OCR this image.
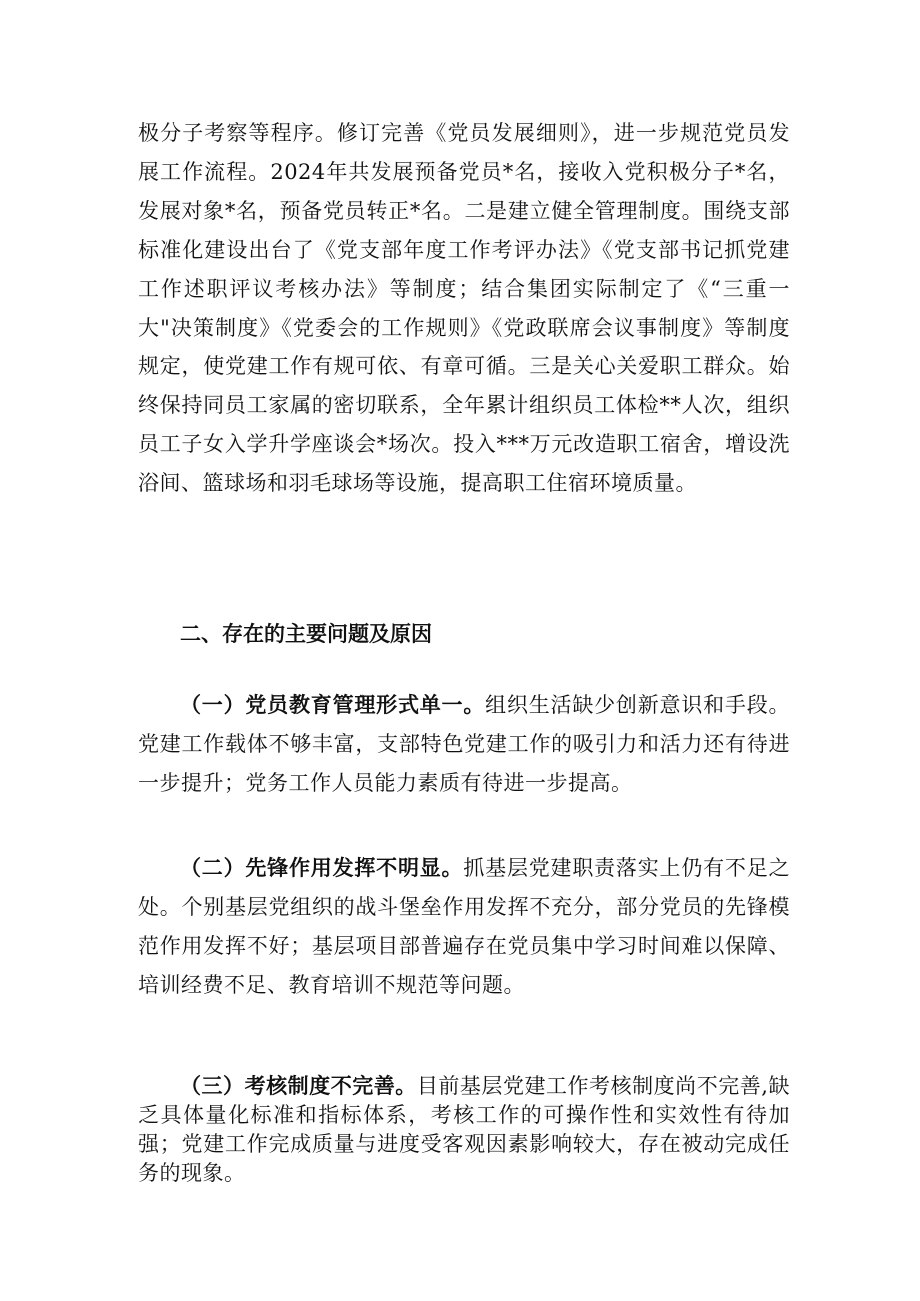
极分子考察等程序。修订完善《党员发展细则》，进一步规范党员发展工作流程。2024年共发展预备党员*名，接收入党积极分子*名，发展对象*名，预备党员转正*名。二是建立健全管理制度。围绕支部标准化建设出台了《党支部年度工作考评办法》《党支部书记抓党建工作述职评议考核办法》等制度；结合集团实际制定了《“三重一大"决策制度》《党委会的工作规则》《党政联席会议事制度》等制度规定，使党建工作有规可依、有章可循。三是关心关爱职工群众。始终保持同员工家属的密切联系，全年累计组织员工体检**人次，组织员工子女入学升学座谈会*场次。投入***万元改造职工宿舍，增设洗浴间、篮球场和羽毛球场等设施，提高职工住宿环境质量。

二、存在的主要问题及原因

（一）党员教育管理形式单一。组织生活缺少创新意识和手段。党建工作载体不够丰富，支部特色党建工作的吸引力和活力还有待进一步提升；党务工作人员能力素质有待进一步提高。

（二）先锋作用发挥不明显。抓基层党建职责落实上仍有不足之处。个别基层党组织的战斗堡垒作用发挥不充分，部分党员的先锋模范作用发挥不好；基层项目部普遍存在党员集中学习时间难以保障、培训经费不足、教育培训不规范等问题。

（三）考核制度不完善。目前基层党建工作考核制度尚不完善,缺乏具体量化标准和指标体系，考核工作的可操作性和实效性有待加强；党建工作完成质量与进度受客观因素影响较大，存在被动完成任务的现象。
